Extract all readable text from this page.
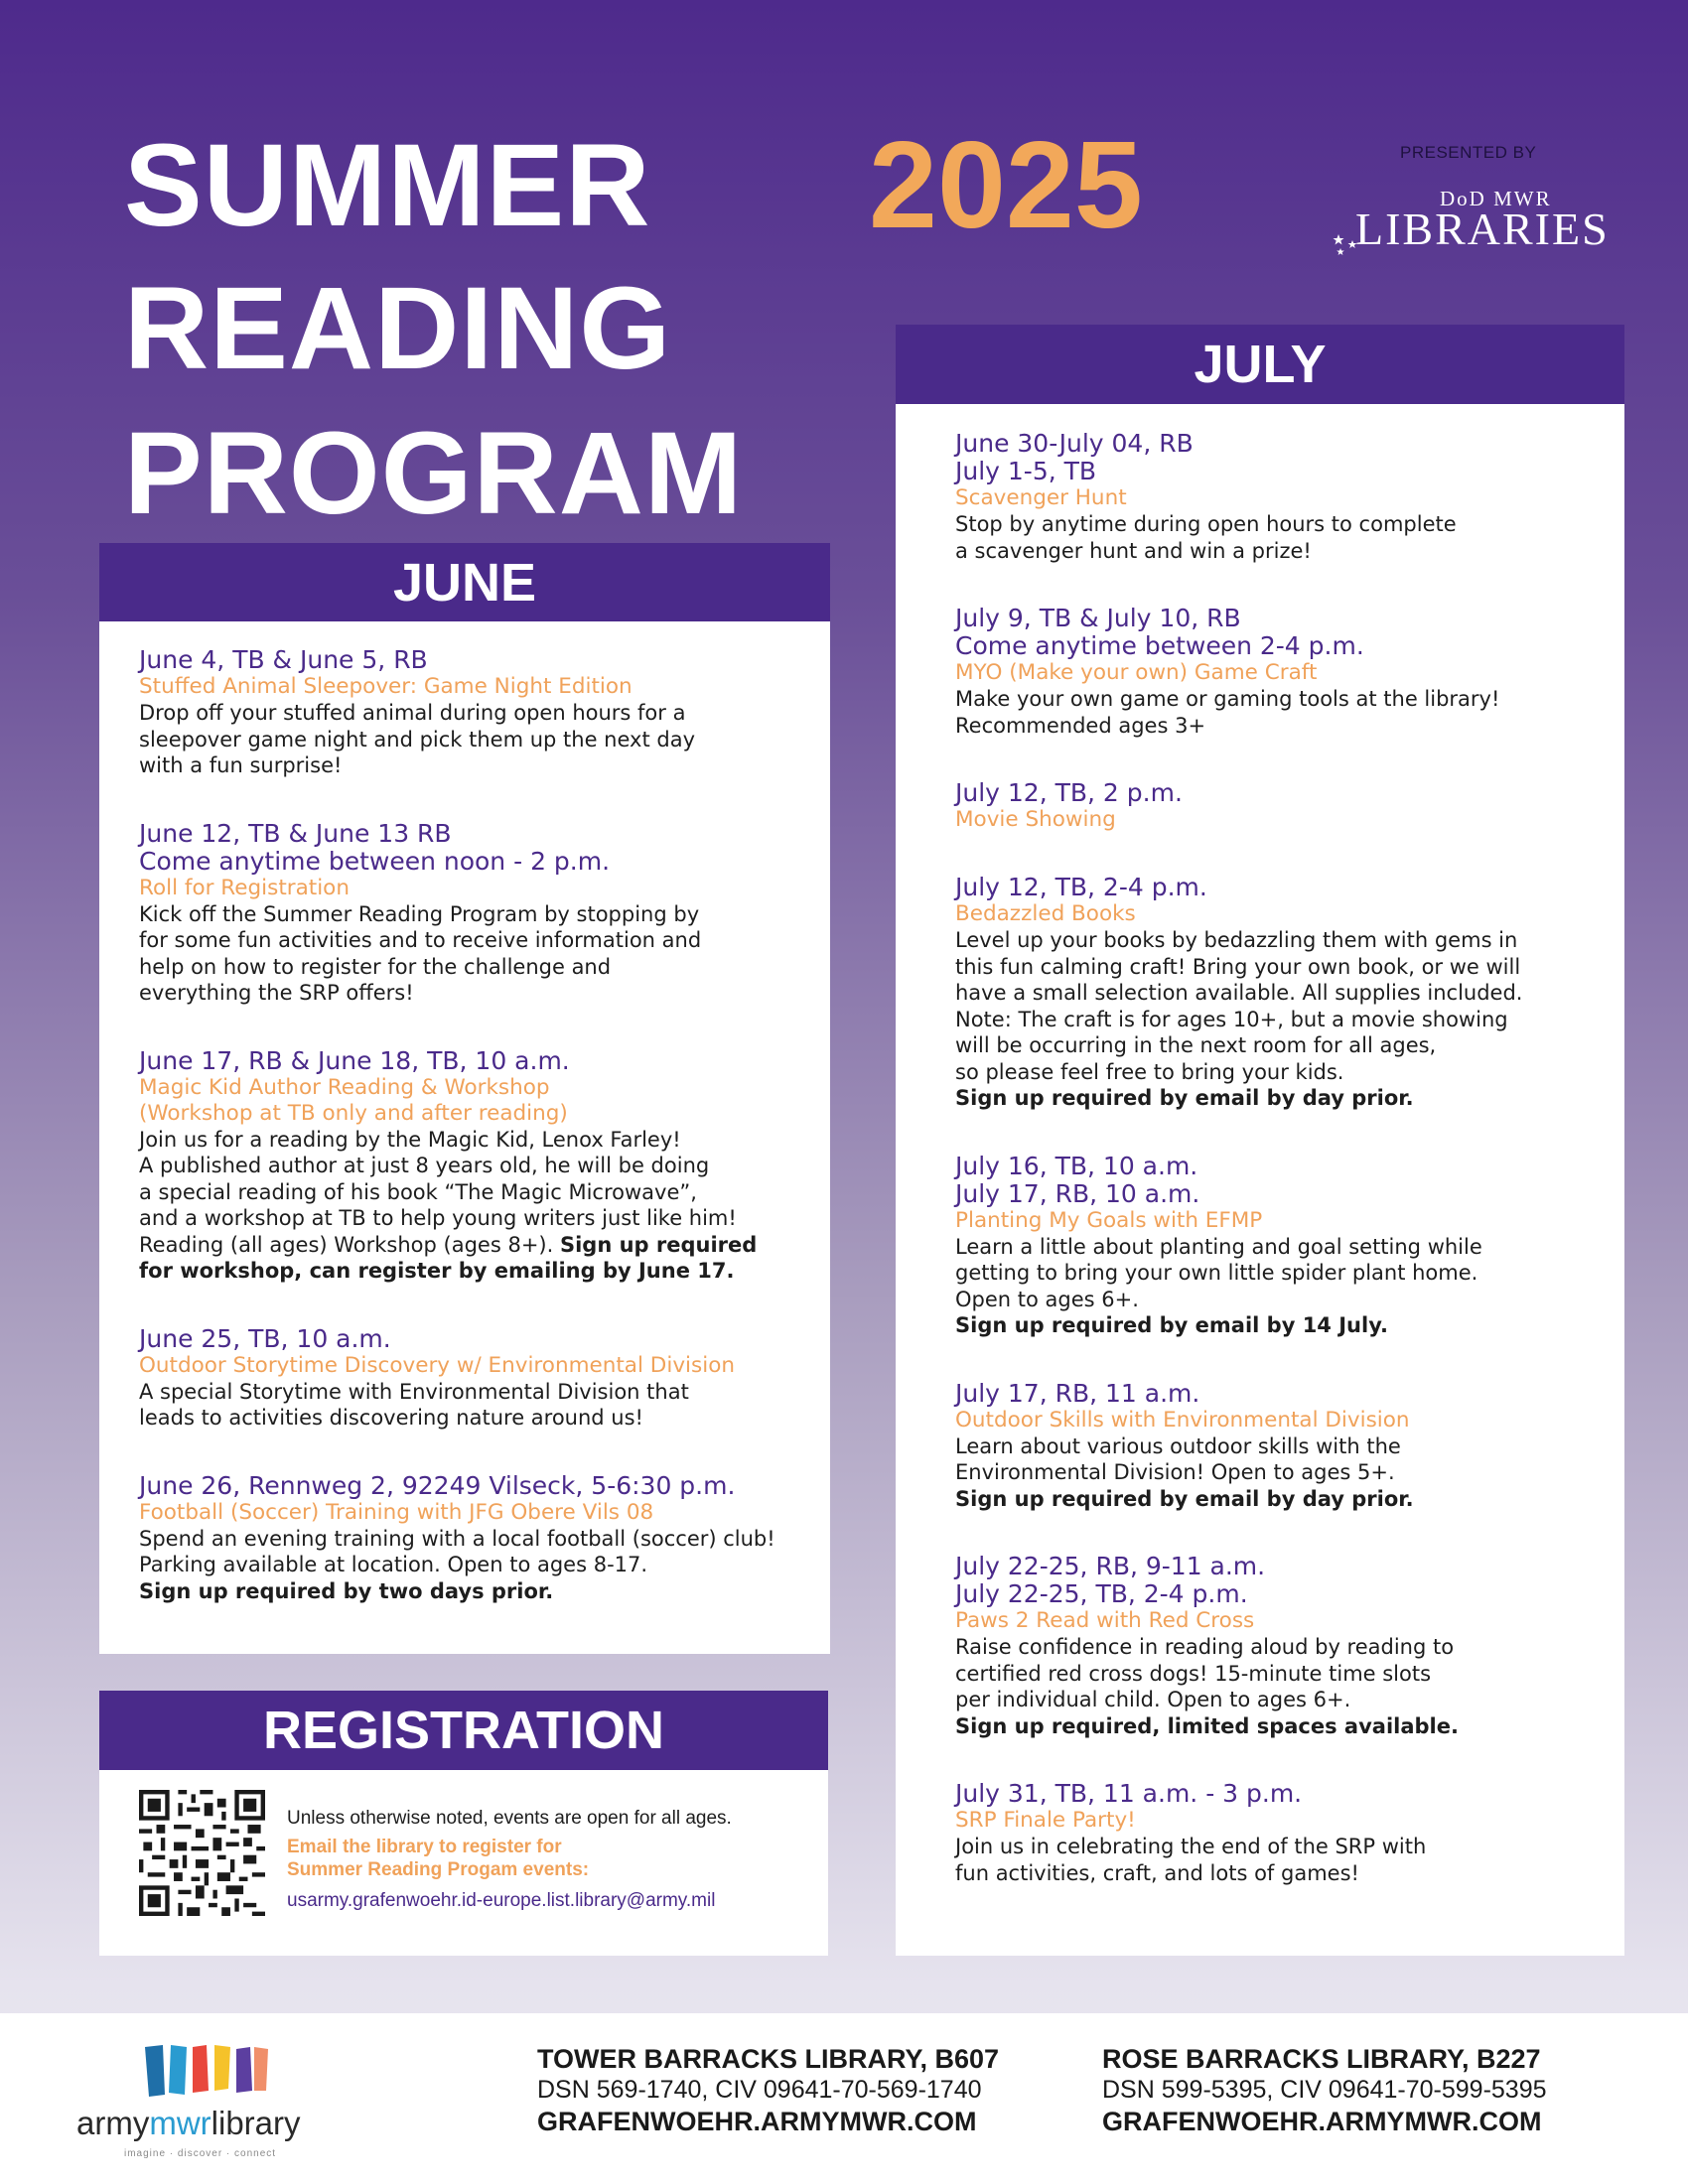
SUMMER 2025
READING
PROGRAM
PRESENTED BY
DoD MWR
LIBRARIES
JUNE
June 4, TB & June 5, RB
Stuffed Animal Sleepover: Game Night Edition
Drop off your stuffed animal during open hours for a
sleepover game night and pick them up the next day
with a fun surprise!
June 12, TB & June 13 RB
Come anytime between noon - 2 p.m.
Roll for Registration
Kick off the Summer Reading Program by stopping by
for some fun activities and to receive information and
help on how to register for the challenge and
everything the SRP offers!
June 17, RB & June 18, TB, 10 a.m.
Magic Kid Author Reading & Workshop
(Workshop at TB only and after reading)
Join us for a reading by the Magic Kid, Lenox Farley!
A published author at just 8 years old, he will be doing
a special reading of his book “The Magic Microwave”,
and a workshop at TB to help young writers just like him!
Reading (all ages) Workshop (ages 8+). Sign up required
for workshop, can register by emailing by June 17.
June 25, TB, 10 a.m.
Outdoor Storytime Discovery w/ Environmental Division
A special Storytime with Environmental Division that
leads to activities discovering nature around us!
June 26, Rennweg 2, 92249 Vilseck, 5-6:30 p.m.
Football (Soccer) Training with JFG Obere Vils 08
Spend an evening training with a local football (soccer) club!
Parking available at location. Open to ages 8-17.
Sign up required by two days prior.
JULY
June 30-July 04, RB
July 1-5, TB
Scavenger Hunt
Stop by anytime during open hours to complete
a scavenger hunt and win a prize!
July 9, TB & July 10, RB
Come anytime between 2-4 p.m.
MYO (Make your own) Game Craft
Make your own game or gaming tools at the library!
Recommended ages 3+
July 12, TB, 2 p.m.
Movie Showing
July 12, TB, 2-4 p.m.
Bedazzled Books
Level up your books by bedazzling them with gems in
this fun calming craft! Bring your own book, or we will
have a small selection available. All supplies included.
Note: The craft is for ages 10+, but a movie showing
will be occurring in the next room for all ages,
so please feel free to bring your kids.
Sign up required by email by day prior.
July 16, TB, 10 a.m.
July 17, RB, 10 a.m.
Planting My Goals with EFMP
Learn a little about planting and goal setting while
getting to bring your own little spider plant home.
Open to ages 6+.
Sign up required by email by 14 July.
July 17, RB, 11 a.m.
Outdoor Skills with Environmental Division
Learn about various outdoor skills with the
Environmental Division! Open to ages 5+.
Sign up required by email by day prior.
July 22-25, RB, 9-11 a.m.
July 22-25, TB, 2-4 p.m.
Paws 2 Read with Red Cross
Raise confidence in reading aloud by reading to
certified red cross dogs! 15-minute time slots
per individual child. Open to ages 6+.
Sign up required, limited spaces available.
July 31, TB, 11 a.m. - 3 p.m.
SRP Finale Party!
Join us in celebrating the end of the SRP with
fun activities, craft, and lots of games!
REGISTRATION
Unless otherwise noted, events are open for all ages.
Email the library to register for
Summer Reading Progam events:
usarmy.grafenwoehr.id-europe.list.library@army.mil
armymwrlibrary
imagine · discover · connect
TOWER BARRACKS LIBRARY, B607
DSN 569-1740, CIV 09641-70-569-1740
GRAFENWOEHR.ARMYMWR.COM
ROSE BARRACKS LIBRARY, B227
DSN 599-5395, CIV 09641-70-599-5395
GRAFENWOEHR.ARMYMWR.COM
